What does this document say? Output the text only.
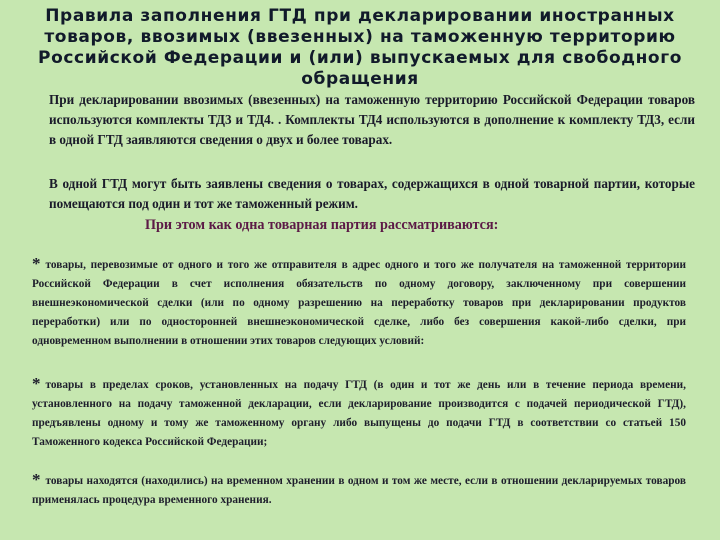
Правила заполнения ГТД при декларировании иностранных
товаров, ввозимых (ввезенных) на таможенную территорию
Российской Федерации и (или) выпускаемых для свободного
обращения

При декларировании ввозимых (ввезенных) на таможенную территорию Российской Федерации товаров используются комплекты ТД3 и ТД4. . Комплекты ТД4 используются в дополнение к комплекту ТД3, если в одной ГТД заявляются сведения о двух и более товарах.

В одной ГТД могут быть заявлены сведения о товарах, содержащихся в одной товарной партии, которые помещаются под один и тот же таможенный режим.

При этом как одна товарная партия рассматриваются:

* товары, перевозимые от одного и того же отправителя в адрес одного и того же получателя на таможенной территории Российской Федерации в счет исполнения обязательств по одному договору, заключенному при совершении внешнеэкономической сделки (или по одному разрешению на переработку товаров при декларировании продуктов переработки) или по односторонней внешнеэкономической сделке, либо без совершения какой-либо сделки, при одновременном выполнении в отношении этих товаров следующих условий:

* товары в пределах сроков, установленных на подачу ГТД (в один и тот же день или в течение периода времени, установленного на подачу таможенной декларации, если декларирование производится с подачей периодической ГТД), предъявлены одному и тому же таможенному органу либо выпущены до подачи ГТД в соответствии со статьей 150 Таможенного кодекса Российской Федерации;

* товары находятся (находились) на временном хранении в одном и том же месте, если в отношении декларируемых товаров применялась процедура временного хранения.
